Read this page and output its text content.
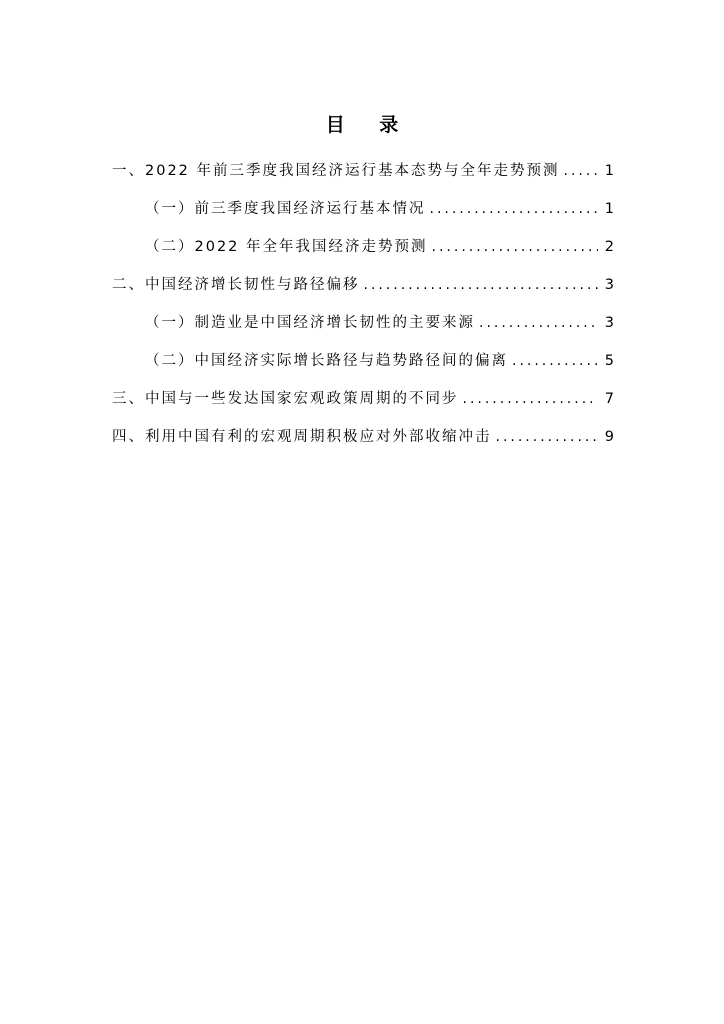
目 录
一、2022 年前三季度我国经济运行基本态势与全年走势预测 .....	1
（一）前三季度我国经济运行基本情况 .....	1
（二）2022 年全年我国经济走势预测 .....	2
二、中国经济增长韧性与路径偏移 .....	3
（一）制造业是中国经济增长韧性的主要来源 .....	3
（二）中国经济实际增长路径与趋势路径间的偏离 .....	5
三、中国与一些发达国家宏观政策周期的不同步 .....	7
四、利用中国有利的宏观周期积极应对外部收缩冲击 .....	9
